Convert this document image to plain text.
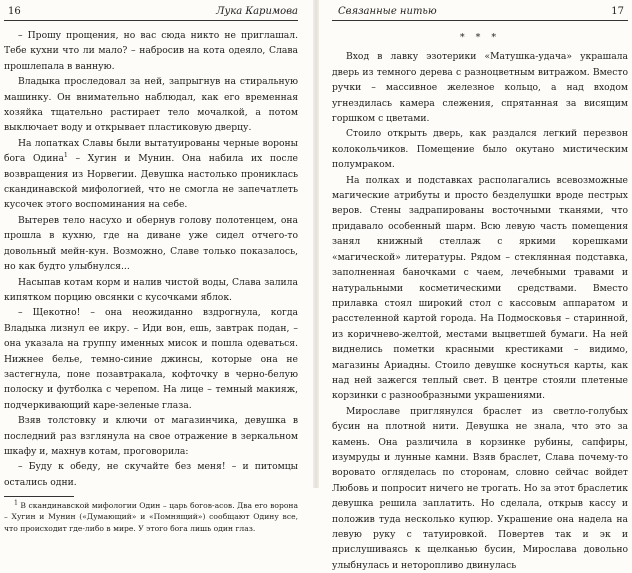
16	Лука Каримова

– Прошу прощения, но вас сюда никто не приглашал. Тебе кухни что ли мало? – набросив на кота одеяло, Слава прошлепала в ванную.

Владыка проследовал за ней, запрыгнув на стиральную машинку. Он внимательно наблюдал, как его временная хозяйка тщательно растирает тело мочалкой, а потом выключает воду и открывает пластиковую дверцу.

На лопатках Славы были вытатуированы черные вороны бога Одина$^1$ – Хугин и Мунин. Она набила их после возвращения из Норвегии. Девушка настолько прониклась скандинавской мифологией, что не смогла не запечатлеть кусочек этого воспоминания на себе.

Вытерев тело насухо и обернув голову полотенцем, она прошла в кухню, где на диване уже сидел отчего-то довольный мейн-кун. Возможно, Славе только показалось, но как будто улыбнулся...

Насыпав котам корм и налив чистой воды, Слава залила кипятком порцию овсянки с кусочками яблок.

– Щекотно! – она неожиданно вздрогнула, когда Владыка лизнул ее икру. – Иди вон, ешь, завтрак подан, – она указала на группу именных мисок и пошла одеваться. Нижнее белье, темно-синие джинсы, которые она не застегнула, поне позавтракала, кофточку в черно-белую полоску и футболка с черепом. На лице – темный макияж, подчеркивающий каре-зеленые глаза.

Взяв толстовку и ключи от магазинчика, девушка в последний раз взглянула на свое отражение в зеркальном шкафу и, махнув котам, проговорила:

– Буду к обеду, не скучайте без меня! – и питомцы остались одни.

$^1$ В скандинавской мифологии Один – царь богов-асов. Два его ворона – Хугин и Мунин («Думающий» и «Помнящий») сообщают Одину все, что происходит где-либо в мире. У этого бога лишь один глаз.
Связанные нитью	17
* * *

Вход в лавку эзотерики «Матушка-удача» украшала дверь из темного дерева с разноцветным витражом. Вместо ручки – массивное железное кольцо, а над входом угнездилась камера слежения, спрятанная за висящим горшком с цветами.

Стоило открыть дверь, как раздался легкий перезвон колокольчиков. Помещение было окутано мистическим полумраком.

На полках и подставках располагались всевозможные магические атрибуты и просто безделушки вроде пестрых веров. Стены задрапированы восточными тканями, что придавало особенный шарм. Всю левую часть помещения занял книжный стеллаж с яркими корешками «магической» литературы. Рядом – стеклянная подставка, заполненная баночками с чаем, лечебными травами и натуральными косметическими средствами. Вместо прилавка стоял широкий стол с кассовым аппаратом и расстеленной картой города. На Подмосковья – старинной, из коричнево-желтой, местами выцветшей бумаги. На ней виднелись пометки красными крестиками – видимо, магазины Ариадны. Стоило девушке коснуться карты, как над ней зажегся теплый свет. В центре стояли плетеные корзинки с разнообразными украшениями.

Мирославе приглянулся браслет из светло-голубых бусин на плотной нити. Девушка не знала, что это за камень. Она различила в корзинке рубины, сапфиры, изумруды и лунные камни. Взяв браслет, Слава почему-то воровато огляделась по сторонам, словно сейчас войдет Любовь и попросит ничего не трогать. Но за этот браслетик девушка решила заплатить. Но сделала, открыв кассу и положив туда несколько купюр. Украшение она надела на левую руку с татуировкой. Повертев так и эк и прислушиваясь к щелканью бусин, Мирослава довольно улыбнулась и неторопливо двинулась
